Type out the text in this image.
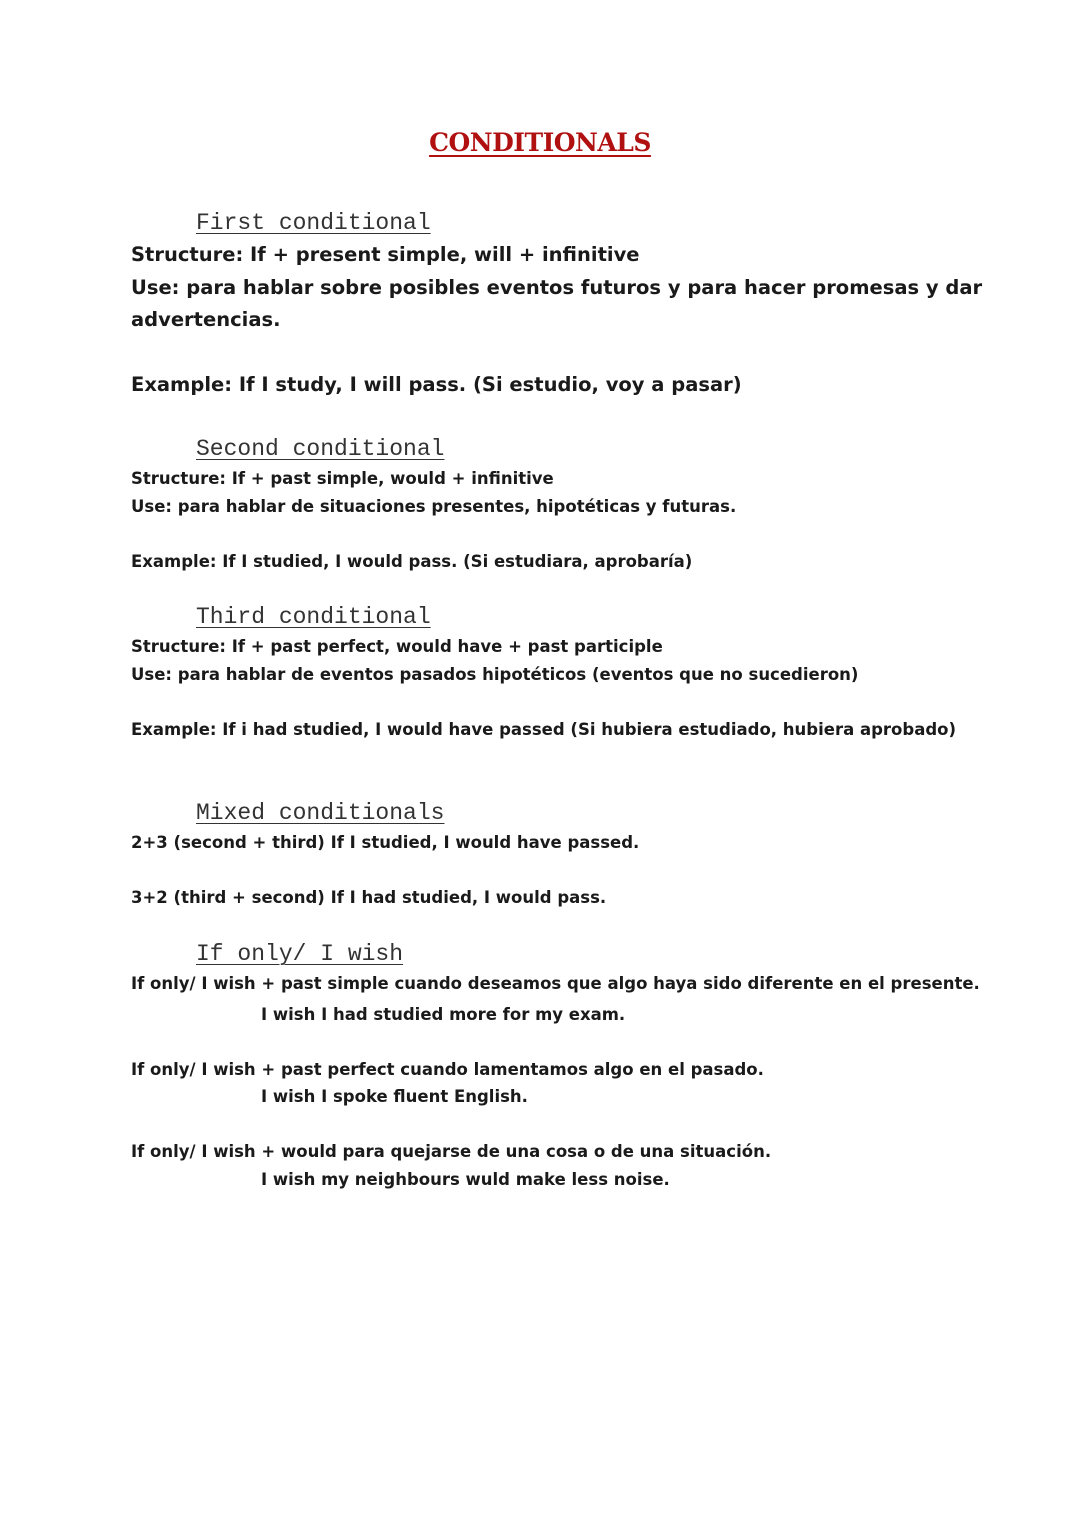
CONDITIONALS
First conditional
Structure: If + present simple, will + infinitive
Use: para hablar sobre posibles eventos futuros y para hacer promesas y dar
advertencias.
Example: If I study, I will pass. (Si estudio, voy a pasar)
Second conditional
Structure: If + past simple, would + infinitive
Use: para hablar de situaciones presentes, hipotéticas y futuras.
Example: If I studied, I would pass. (Si estudiara, aprobaría)
Third conditional
Structure: If + past perfect, would have + past participle
Use: para hablar de eventos pasados hipotéticos (eventos que no sucedieron)
Example: If i had studied, I would have passed (Si hubiera estudiado, hubiera aprobado)
Mixed conditionals
2+3 (second + third) If I studied, I would have passed.
3+2 (third + second) If I had studied, I would pass.
If only/ I wish
If only/ I wish + past simple cuando deseamos que algo haya sido diferente en el presente.
I wish I had studied more for my exam.
If only/ I wish + past perfect cuando lamentamos algo en el pasado.
I wish I spoke fluent English.
If only/ I wish + would para quejarse de una cosa o de una situación.
I wish my neighbours wuld make less noise.
